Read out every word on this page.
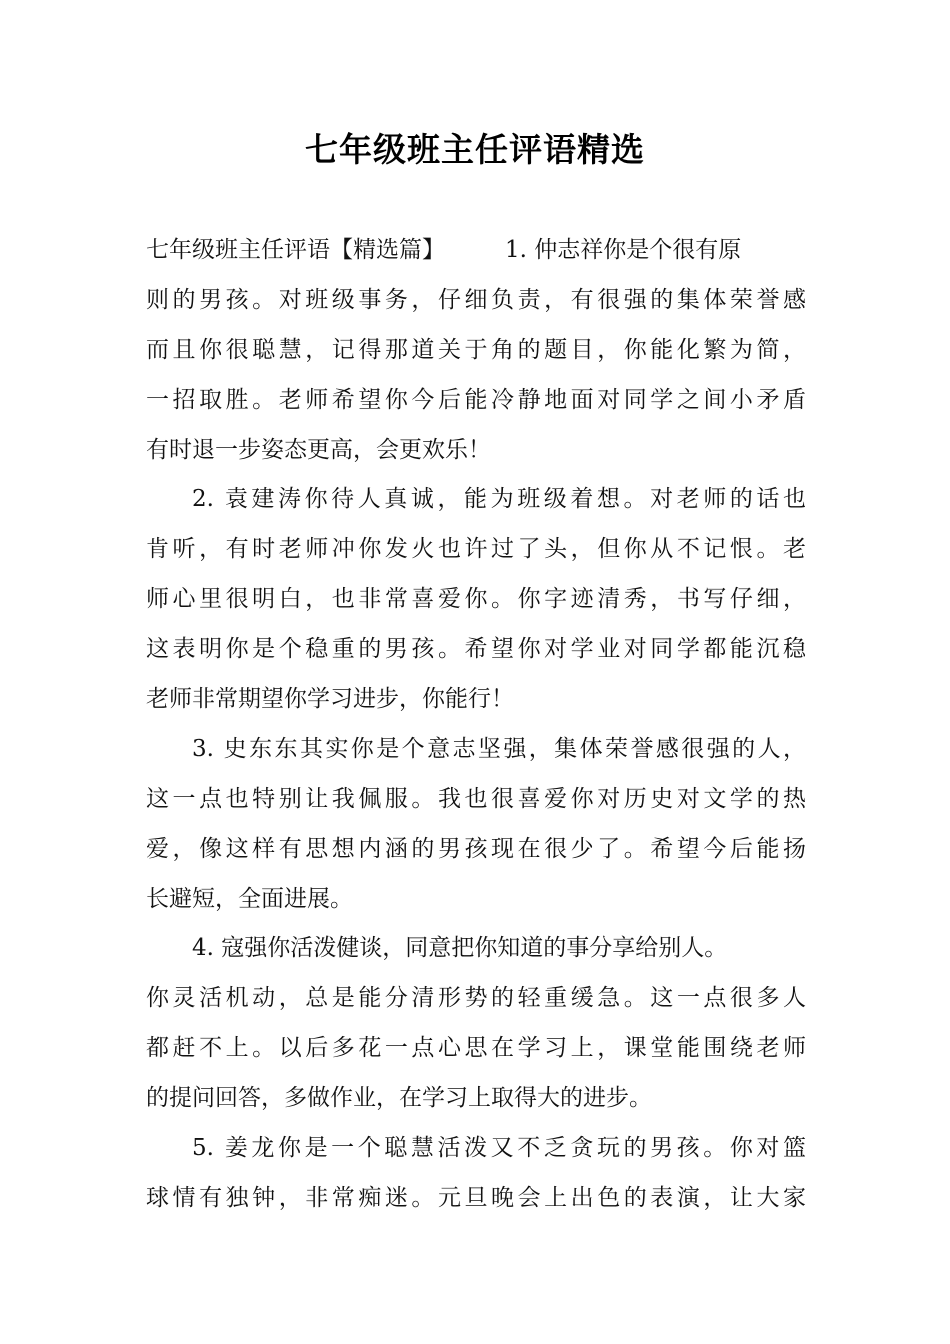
七年级班主任评语精选
七年级班主任评语【精选篇】	1. 仲志祥你是个很有原
则的男孩。对班级事务，仔细负责，有很强的集体荣誉感
而且你很聪慧，记得那道关于角的题目，你能化繁为简，
一招取胜。老师希望你今后能冷静地面对同学之间小矛盾
有时退一步姿态更高，会更欢乐！
2. 袁建涛你待人真诚，能为班级着想。对老师的话也
肯听，有时老师冲你发火也许过了头，但你从不记恨。老
师心里很明白，也非常喜爱你。你字迹清秀，书写仔细，
这表明你是个稳重的男孩。希望你对学业对同学都能沉稳
老师非常期望你学习进步，你能行！
3. 史东东其实你是个意志坚强，集体荣誉感很强的人，
这一点也特别让我佩服。我也很喜爱你对历史对文学的热
爱，像这样有思想内涵的男孩现在很少了。希望今后能扬
长避短，全面进展。
4. 寇强你活泼健谈，同意把你知道的事分享给别人。
你灵活机动，总是能分清形势的轻重缓急。这一点很多人
都赶不上。以后多花一点心思在学习上，课堂能围绕老师
的提问回答，多做作业，在学习上取得大的进步。
5. 姜龙你是一个聪慧活泼又不乏贪玩的男孩。你对篮
球情有独钟，非常痴迷。元旦晚会上出色的表演，让大家
